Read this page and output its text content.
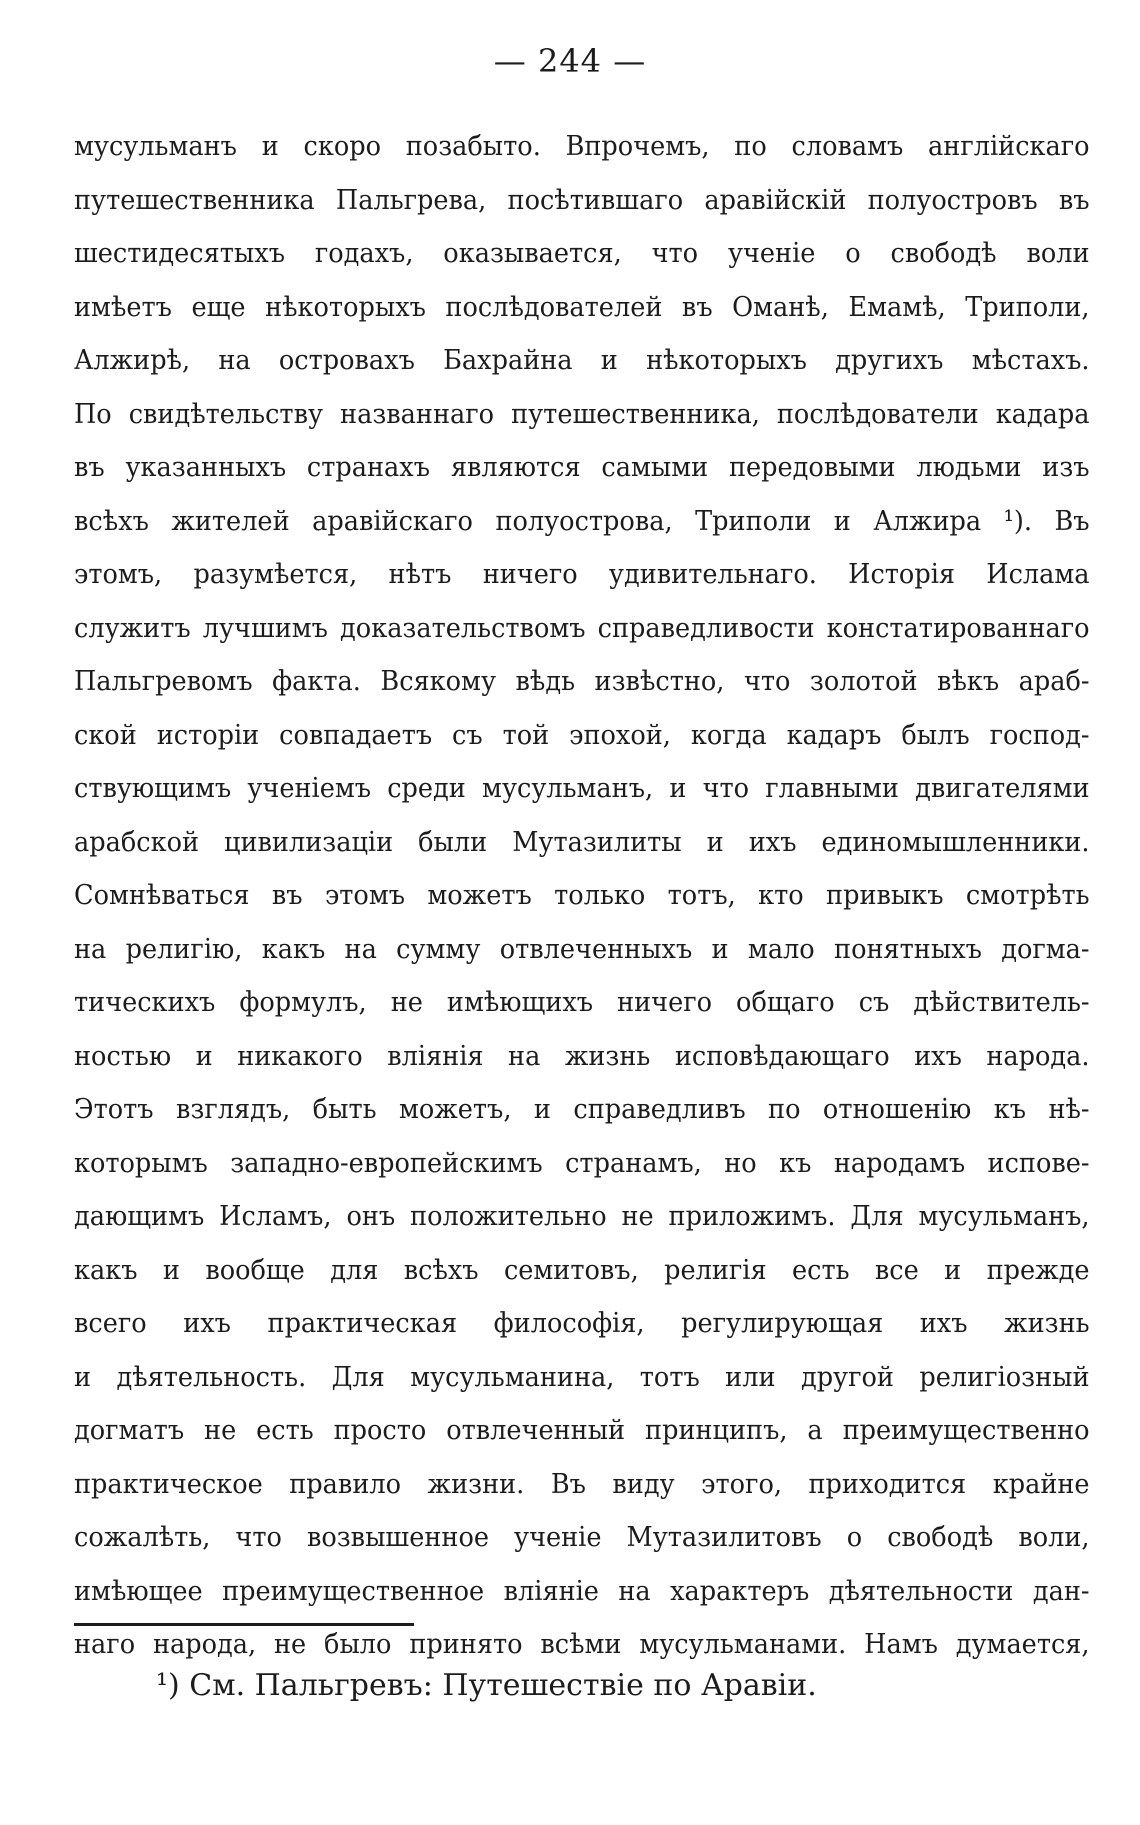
— 244 —
мусульманъ и скоро позабыто. Впрочемъ, по словамъ англійскаго
путешественника Пальгрева, посѣтившаго аравійскій полуостровъ въ
шестидесятыхъ годахъ, оказывается, что ученіе о свободѣ воли
имѣетъ еще нѣкоторыхъ послѣдователей въ Оманѣ, Емамѣ, Триполи,
Алжирѣ, на островахъ Бахрайна и нѣкоторыхъ другихъ мѣстахъ.
По свидѣтельству названнаго путешественника, послѣдователи кадара
въ указанныхъ странахъ являются самыми передовыми людьми изъ
всѣхъ жителей аравійскаго полуострова, Триполи и Алжира ¹). Въ
этомъ, разумѣется, нѣтъ ничего удивительнаго. Исторія Ислама
служитъ лучшимъ доказательствомъ справедливости констатированнаго
Пальгревомъ факта. Всякому вѣдь извѣстно, что золотой вѣкъ араб-
ской исторіи совпадаетъ съ той эпохой, когда кадаръ былъ господ-
ствующимъ ученіемъ среди мусульманъ, и что главными двигателями
арабской цивилизаціи были Мутазилиты и ихъ единомышленники.
Сомнѣваться въ этомъ можетъ только тотъ, кто привыкъ смотрѣть
на религію, какъ на сумму отвлеченныхъ и мало понятныхъ догма-
тическихъ формулъ, не имѣющихъ ничего общаго съ дѣйствитель-
ностью и никакого вліянія на жизнь исповѣдающаго ихъ народа.
Этотъ взглядъ, быть можетъ, и справедливъ по отношенію къ нѣ-
которымъ западно-европейскимъ странамъ, но къ народамъ испове-
дающимъ Исламъ, онъ положительно не приложимъ. Для мусульманъ,
какъ и вообще для всѣхъ семитовъ, религія есть все и прежде
всего ихъ практическая философія, регулирующая ихъ жизнь
и дѣятельность. Для мусульманина, тотъ или другой религіозный
догматъ не есть просто отвлеченный принципъ, а преимущественно
практическое правило жизни. Въ виду этого, приходится крайне
сожалѣть, что возвышенное ученіе Мутазилитовъ о свободѣ воли,
имѣющее преимущественное вліяніе на характеръ дѣятельности дан-
наго народа, не было принято всѣми мусульманами. Намъ думается,
¹) См. Пальгревъ: Путешествіе по Аравіи.
